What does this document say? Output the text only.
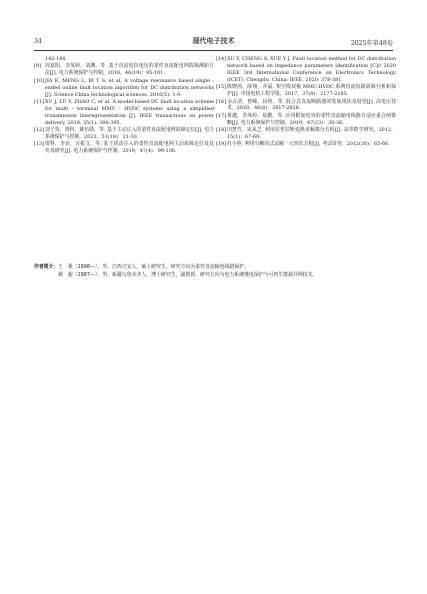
34	现代电子技术	2025年第48卷
142-148.
[9] 周嘉阳，李凤婷，刘渊，等. 基于直流电抗电压的柔性直流配电网故障测距方法[J]. 电力系统保护与控制，2018，46(19)：95-101.
[10] JIA K, MENG L, BI T S, et al. A voltage resonance based single - ended online fault location algorithm for DC distribution networks [J]. Science China technological sciences, 2016(5): 1-9.
[11] XU J, LÜ Y, ZHAO C, et al. A model-based DC fault location scheme for multi - terminal MMC - HVDC systems using a simplified transmission lineregresentation [J]. IEEE transactions on power delivery, 2019, 35(1): 386-395.
[12] 刘子英，贾科，姚伍勋，等. 基于主动注入的柔性直流配电网故障定位[J]. 电力系统保护与控制，2023，51(18)：21-30.
[13] 贾科，李论，宣振文，等. 基于扰动注入的柔性直流配电网主动故障定位及其仿真研究[J]. 电力系统保护与控制，2019，47(4)：99-106.
[14] XU Y, CHENG S, XUE Y J. Fault location method for DC distribution network based on impedance parameters identification [C]// 2020 IEEE 3rd International Conference on Electronics Technology (ICET). Chengdu, China: IEEE, 2020: 378-381.
[15] 陈晓茜，薛翔，齐磊. 架空线双极 MMC-HVDC 系统直流短路故障分析和保护[J]. 中国电机工程学报，2017，37(8)：2177-2185.
[16] 余占清，曾嵘，屈鲁，等. 混合式直流断路器的发展现状及展望[J]. 高电压技术，2020，46(8)：2617-2626.
[17] 黄越，李凤婷，易鹏，等. 应用附加电容的柔性直流输电线路自适应重合闸策略[J]. 电力系统保护与控制，2019，47(23)：30-36.
[18] 田慧竹，宋从芝. 利用拉普拉斯变换求解微分方程[J]. 高等数学研究，2012，15(1)：67-69.
[19] 杜小艳. 利用分解因式法解一元四次方程[J]. 考试周刊，2012(20)：65-66.
作者简介： 王　强（1998—），男，江西吉安人，硕士研究生，研究方向为柔性直流输电线路保护。
郝　超（1987—），男，新疆乌鲁木齐人，博士研究生，副教授，研究方向为电力系统继电保护与可再生能源并网技术。
